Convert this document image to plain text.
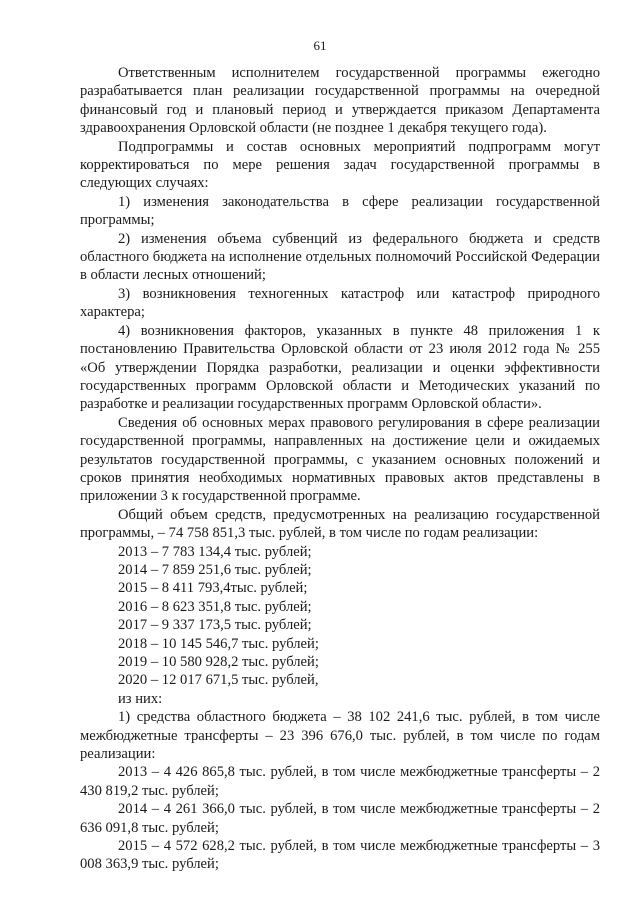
61

Ответственным исполнителем государственной программы ежегодно разрабатывается план реализации государственной программы на очередной финансовый год и плановый период и утверждается приказом Департамента здравоохранения Орловской области (не позднее 1 декабря текущего года).

Подпрограммы и состав основных мероприятий подпрограмм могут корректироваться по мере решения задач государственной программы в следующих случаях:

1) изменения законодательства в сфере реализации государственной программы;

2) изменения объема субвенций из федерального бюджета и средств областного бюджета на исполнение отдельных полномочий Российской Федерации в области лесных отношений;

3) возникновения техногенных катастроф или катастроф природного характера;

4) возникновения факторов, указанных в пункте 48 приложения 1 к постановлению Правительства Орловской области от 23 июля 2012 года № 255 «Об утверждении Порядка разработки, реализации и оценки эффективности государственных программ Орловской области и Методических указаний по разработке и реализации государственных программ Орловской области».

Сведения об основных мерах правового регулирования в сфере реализации государственной программы, направленных на достижение цели и ожидаемых результатов государственной программы, с указанием основных положений и сроков принятия необходимых нормативных правовых актов представлены в приложении 3 к государственной программе.

Общий объем средств, предусмотренных на реализацию государственной программы, – 74 758 851,3 тыс. рублей, в том числе по годам реализации:

2013 – 7 783 134,4 тыс. рублей;

2014 – 7 859 251,6 тыс. рублей;

2015 – 8 411 793,4тыс. рублей;

2016 – 8 623 351,8 тыс. рублей;

2017 – 9 337 173,5 тыс. рублей;

2018 – 10 145 546,7 тыс. рублей;

2019 – 10 580 928,2 тыс. рублей;

2020 – 12 017 671,5 тыс. рублей,

из них:

1) средства областного бюджета – 38 102 241,6 тыс. рублей, в том числе межбюджетные трансферты – 23 396 676,0 тыс. рублей, в том числе по годам реализации:

2013 – 4 426 865,8 тыс. рублей, в том числе межбюджетные трансферты – 2 430 819,2 тыс. рублей;

2014 – 4 261 366,0 тыс. рублей, в том числе межбюджетные трансферты – 2 636 091,8 тыс. рублей;

2015 – 4 572 628,2 тыс. рублей, в том числе межбюджетные трансферты – 3 008 363,9 тыс. рублей;
